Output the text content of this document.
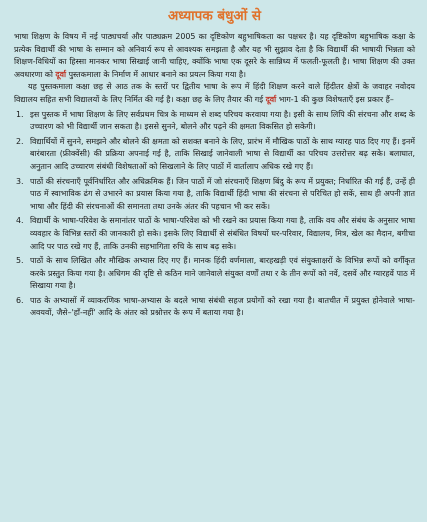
अध्यापक बंधुओं से

भाषा शिक्षण के विषय में नई पाठ्यचर्या और पाठ्यक्रम 2005 का दृष्टिकोण बहुभाषिकता का पक्षधर है। यह दृष्टिकोण बहुभाषिक कक्षा के प्रत्येक विद्यार्थी की भाषा के सम्मान को अनिवार्य रूप से आवश्यक समझता है और यह भी सुझाव देता है कि विद्यार्थी की भाषायी भिन्नता को शिक्षण-विधियों का हिस्सा मानकर भाषा सिखाई जानी चाहिए, क्योंकि भाषा एक दूसरे के सान्निध्य में फलती-फूलती है। भाषा शिक्षण की उक्त अवधारणा को दूर्वा पुस्तकमाला के निर्माण में आधार बनाने का प्रयत्न किया गया है।

यह पुस्तकमाला कक्षा छह से आठ तक के स्तरों पर द्वितीय भाषा के रूप में हिंदी शिक्षण करने वाले हिंदीतर क्षेत्रों के जवाहर नवोदय विद्यालय सहित सभी विद्यालयों के लिए निर्मित की गई है। कक्षा छह के लिए तैयार की गई दूर्वा भाग-1 की कुछ विशेषताएँ इस प्रकार हैं–

1. इस पुस्तक में भाषा शिक्षण के लिए सर्वप्रथम चित्र के माध्यम से शब्द परिचय करवाया गया है। इसी के साथ लिपि की संरचना और शब्द के उच्चारण को भी विद्यार्थी जान सकता है। इससे सुनने, बोलने और पढ़ने की क्षमता विकसित हो सकेगी।
2. विद्यार्थियों में सुनने, समझने और बोलने की क्षमता को सशक्त बनाने के लिए, प्रारंभ में मौखिक पाठों के साथ ग्यारह पाठ दिए गए हैं। इनमें बारंबारता (फ्रीक्वेंसी) की प्रक्रिया अपनाई गई है, ताकि सिखाई जानेवाली भाषा से विद्यार्थी का परिचय उत्तरोत्तर बढ़ सके। बलाघात, अनुतान आदि उच्चारण संबंधी विशेषताओं को सिखलाने के लिए पाठों में वार्तालाप अधिक रखे गए हैं।
3. पाठों की संरचनाएँ पूर्वनिर्धारित और अधिक्रमिक हैं। जिन पाठों में जो संरचनाएँ शिक्षण बिंदु के रूप में प्रयुक्त; निर्धारित की गई हैं, उन्हें ही पाठ में स्वाभाविक ढंग से उभारने का प्रयास किया गया है, ताकि विद्यार्थी हिंदी भाषा की संरचना से परिचित हो सकें, साथ ही अपनी ज्ञात भाषा और हिंदी की संरचनाओं की समानता तथा उनके अंतर की पहचान भी कर सकें।
4. विद्यार्थी के भाषा-परिवेश के समानांतर पाठों के भाषा-परिवेश को भी रखने का प्रयास किया गया है, ताकि वय और संबंध के अनुसार भाषा व्यवहार के विभिन्न स्तरों की जानकारी हो सके। इसके लिए विद्यार्थी से संबंधित विषयों घर-परिवार, विद्यालय, मित्र, खेल का मैदान, बगीचा आदि पर पाठ रखे गए हैं, ताकि उनकी सहभागिता रुचि के साथ बढ़ सके।
5. पाठों के साथ लिखित और मौखिक अभ्यास दिए गए हैं। मानक हिंदी वर्णमाला, बारहखड़ी एवं संयुक्ताक्षरों के विभिन्न रूपों को वर्गीकृत करके प्रस्तुत किया गया है। अधिगम की दृष्टि से कठिन माने जानेवाले संयुक्त वर्णों तथा र के तीन रूपों को नवें, दसवें और ग्यारहवें पाठ में सिखाया गया है।
6. पाठ के अभ्यासों में व्याकरणिक भाषा-अभ्यास के बदले भाषा संबंधी सहज प्रयोगों को रखा गया है। बातचीत में प्रयुक्त होनेवाले भाषा-अवयवों, जैसे–'हाँ-नहीं' आदि के अंतर को प्रश्नोत्तर के रूप में बताया गया है।
